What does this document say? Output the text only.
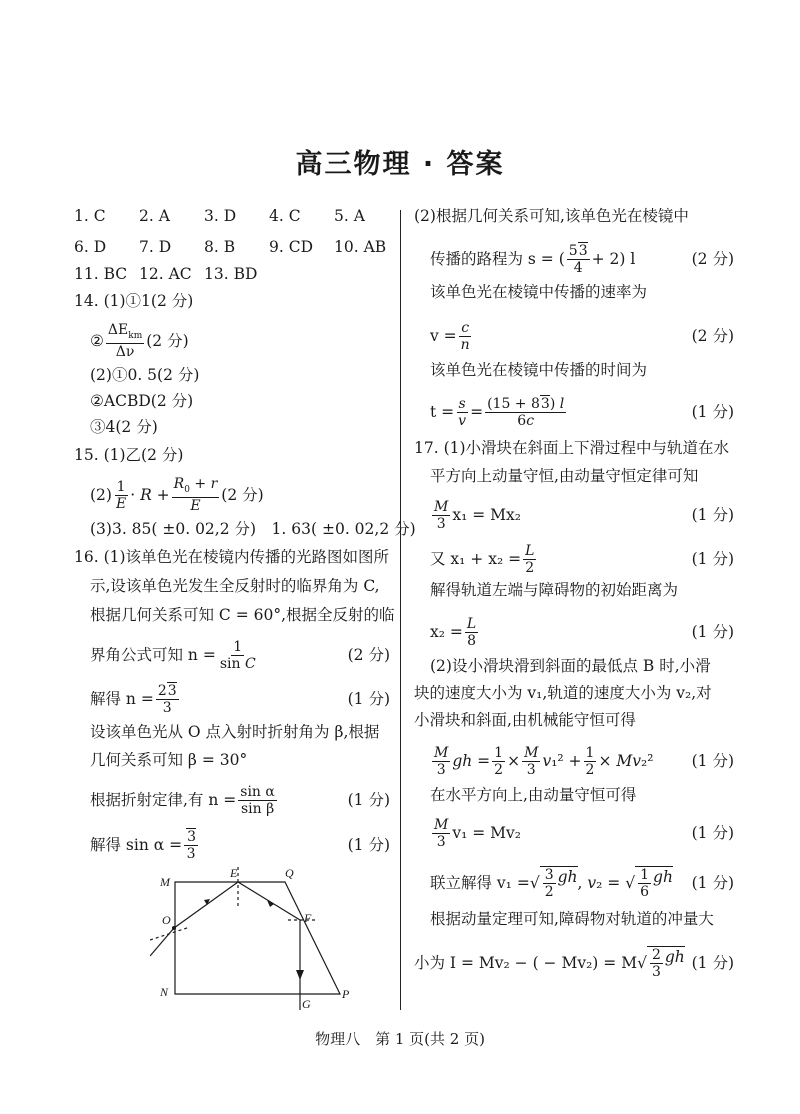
高三物理 · 答案
1. C 2. A 3. D 4. C 5. A
6. D 7. D 8. B 9. CD 10. AB
11. BC 12. AC 13. BD
14. (1)①1(2 分)
② $\frac{\Delta E_{km}}{\Delta\nu} (2$ 分)
(2)①0. 5(2 分)
②ACBD(2 分)
③4(2 分)
15. (1)乙(2 分)
$(2) \frac{1}{E} \cdot R + \frac{R_0 + r}{E} (2$ 分)
(3)3. 85( ±0. 02,2 分)　1. 63( ±0. 02,2 分)
16. (1)该单色光在棱镜内传播的光路图如图所
示,设该单色光发生全反射时的临界角为 C,
根据几何关系可知 C = 60°,根据全反射的临
界角公式可知 $n = \frac{1}{\text{sin C}}$	(2 分)
解得 $n = \frac{23}{3}$	(1 分)
设该单色光从 O 点入射时折射角为 β,根据
几何关系可知 β = 30°
根据折射定律,有 $n = \frac{\text{sin α}}{\text{sin β}}$	(1 分)
解得 $\sin \alpha = \frac{3}{3}$	(1 分)
M
E	Q
O	F
N
G
P
(2)根据几何关系可知,该单色光在棱镜中
传播的路程为 s = ( $\frac{53}{4} + 2$) l	(2 分)
该单色光在棱镜中传播的速率为
$v = \frac{c}{n}$	(2 分)
该单色光在棱镜中传播的时间为
$t = \frac{s}{v} = \frac{(15 + 83) l}{6c}$	(1 分)
17. (1)小滑块在斜面上下滑过程中与轨道在水
平方向上动量守恒,由动量守恒定律可知
$\frac{M}{3} x_1 = Mx_2$	(1 分)
又 $x_1 + x_2 = \frac{L}{2}$	(1 分)
解得轨道左端与障碍物的初始距离为
$x_2 = \frac{L}{8}$	(1 分)
(2)设小滑块滑到斜面的最低点 B 时,小滑
块的速度大小为 v₁,轨道的速度大小为 v₂,对
小滑块和斜面,由机械能守恒可得
$\frac{M}{3}$ gh = $\frac{1}{2} \times \frac{M}{3} v_1^2 + \frac{1}{2} \times Mv_2^2$ (1 分)
在水平方向上,由动量守恒可得
$\frac{M}{3} v_1 = Mv_2$	(1 分)
联立解得 v₁ = √ $\frac{3}{2}$ gh , v₂ = √ $\frac{1}{6}$ gh (1 分)
根据动量定理可知,障碍物对轨道的冲量大
小为 I = Mv₂ − ( − Mv₂) = M √ $\frac{2}{3}$ gh (1 分)
物理八　第 1 页(共 2 页)
